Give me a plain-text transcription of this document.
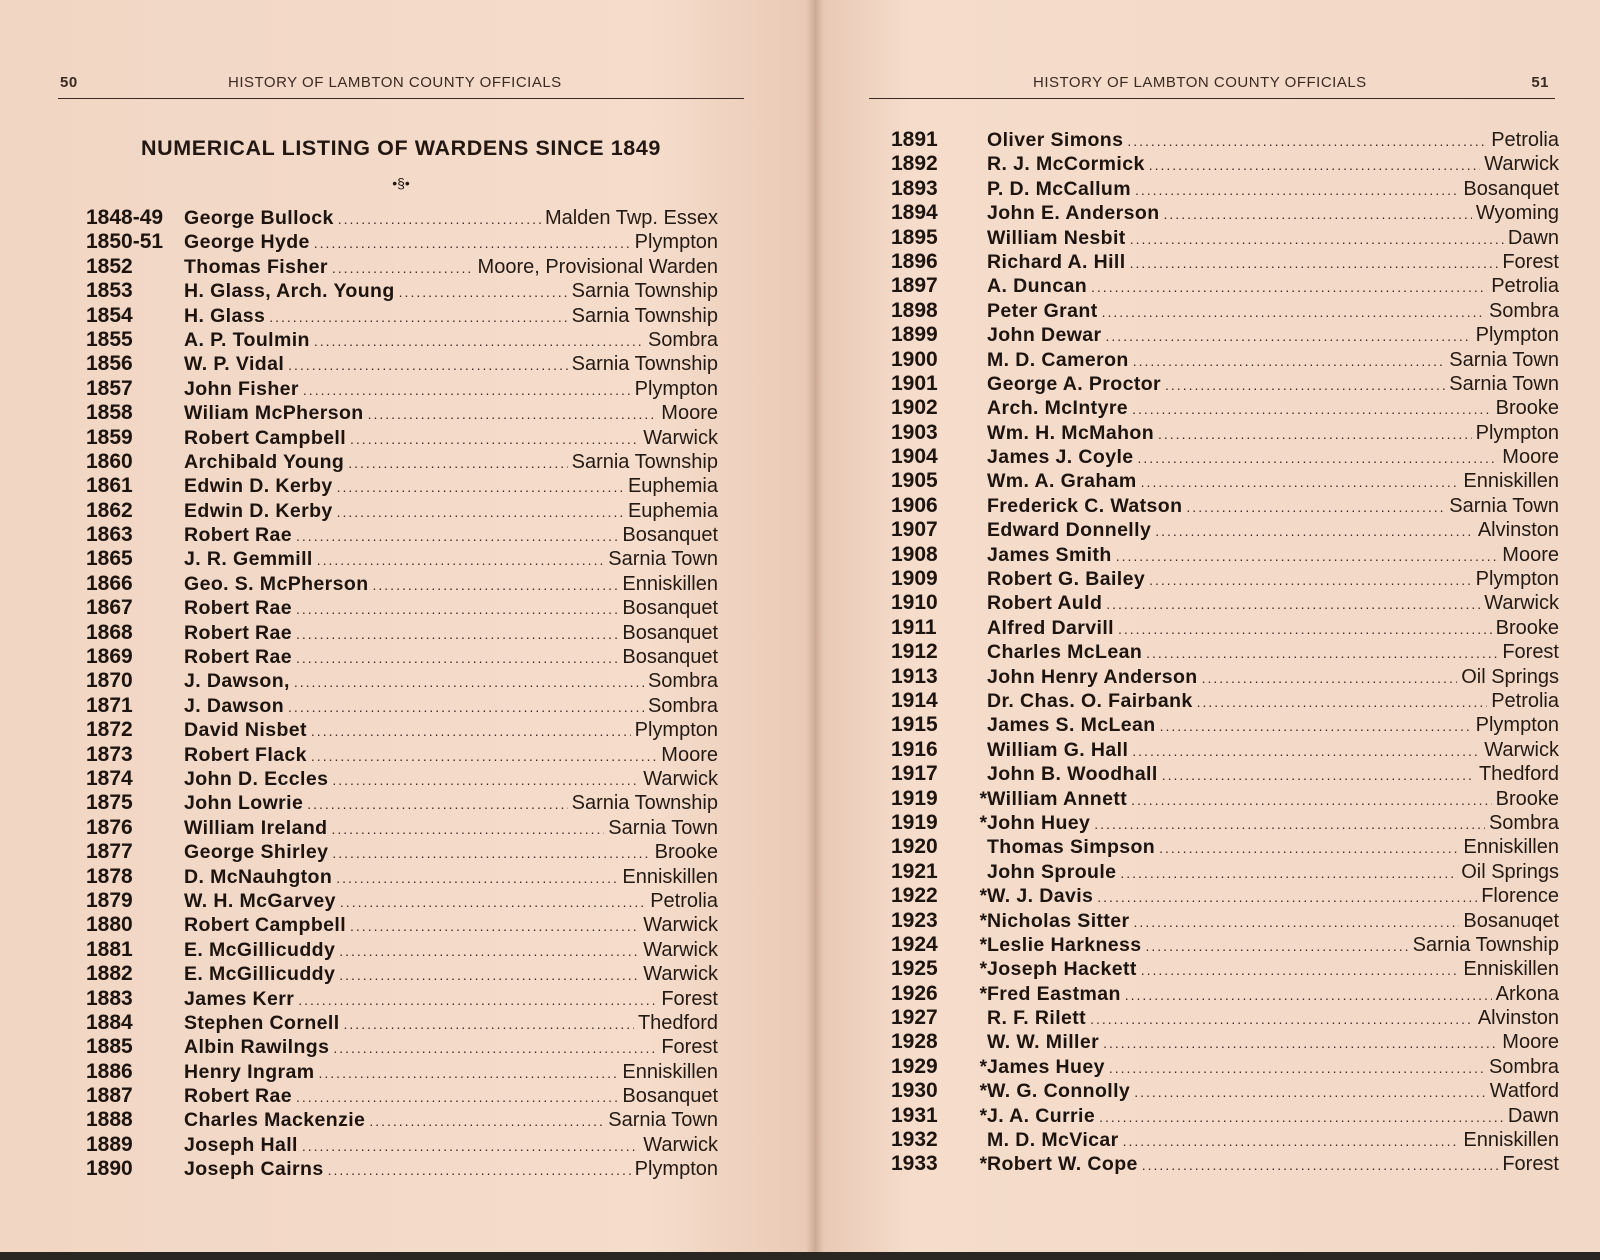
50	HISTORY OF LAMBTON COUNTY OFFICIALS
NUMERICAL LISTING OF WARDENS SINCE 1849
•§•
1848-49	George Bullock .....	Malden Twp. Essex
1850-51	George Hyde .....	Plympton
1852	Thomas Fisher .....	Moore, Provisional Warden
1853	H. Glass, Arch. Young .....	Sarnia Township
1854	H. Glass .....	Sarnia Township
1855	A. P. Toulmin .....	Sombra
1856	W. P. Vidal .....	Sarnia Township
1857	John Fisher .....	Plympton
1858	Wiliam McPherson .....	Moore
1859	Robert Campbell .....	Warwick
1860	Archibald Young .....	Sarnia Township
1861	Edwin D. Kerby .....	Euphemia
1862	Edwin D. Kerby .....	Euphemia
1863	Robert Rae .....	Bosanquet
1865	J. R. Gemmill .....	Sarnia Town
1866	Geo. S. McPherson .....	Enniskillen
1867	Robert Rae .....	Bosanquet
1868	Robert Rae .....	Bosanquet
1869	Robert Rae .....	Bosanquet
1870	J. Dawson, .....	Sombra
1871	J. Dawson .....	Sombra
1872	David Nisbet .....	Plympton
1873	Robert Flack .....	Moore
1874	John D. Eccles .....	Warwick
1875	John Lowrie .....	Sarnia Township
1876	William Ireland .....	Sarnia Town
1877	George Shirley .....	Brooke
1878	D. McNauhgton .....	Enniskillen
1879	W. H. McGarvey .....	Petrolia
1880	Robert Campbell .....	Warwick
1881	E. McGillicuddy .....	Warwick
1882	E. McGillicuddy .....	Warwick
1883	James Kerr .....	Forest
1884	Stephen Cornell .....	Thedford
1885	Albin Rawilngs .....	Forest
1886	Henry Ingram .....	Enniskillen
1887	Robert Rae .....	Bosanquet
1888	Charles Mackenzie .....	Sarnia Town
1889	Joseph Hall .....	Warwick
1890	Joseph Cairns .....	Plympton
HISTORY OF LAMBTON COUNTY OFFICIALS	51
1891	Oliver Simons .....	Petrolia
1892	R. J. McCormick .....	Warwick
1893	P. D. McCallum .....	Bosanquet
1894	John E. Anderson .....	Wyoming
1895	William Nesbit .....	Dawn
1896	Richard A. Hill .....	Forest
1897	A. Duncan .....	Petrolia
1898	Peter Grant .....	Sombra
1899	John Dewar .....	Plympton
1900	M. D. Cameron .....	Sarnia Town
1901	George A. Proctor .....	Sarnia Town
1902	Arch. McIntyre .....	Brooke
1903	Wm. H. McMahon .....	Plympton
1904	James J. Coyle .....	Moore
1905	Wm. A. Graham .....	Enniskillen
1906	Frederick C. Watson .....	Sarnia Town
1907	Edward Donnelly .....	Alvinston
1908	James Smith .....	Moore
1909	Robert G. Bailey .....	Plympton
1910	Robert Auld .....	Warwick
1911	Alfred Darvill .....	Brooke
1912	Charles McLean .....	Forest
1913	John Henry Anderson .....	Oil Springs
1914	Dr. Chas. O. Fairbank .....	Petrolia
1915	James S. McLean .....	Plympton
1916	William G. Hall .....	Warwick
1917	John B. Woodhall .....	Thedford
1919	* William Annett .....	Brooke
1919	* John Huey .....	Sombra
1920	Thomas Simpson .....	Enniskillen
1921	John Sproule .....	Oil Springs
1922	* W. J. Davis .....	Florence
1923	* Nicholas Sitter .....	Bosanuqet
1924	* Leslie Harkness .....	Sarnia Township
1925	* Joseph Hackett .....	Enniskillen
1926	* Fred Eastman .....	Arkona
1927	R. F. Rilett .....	Alvinston
1928	W. W. Miller .....	Moore
1929	* James Huey .....	Sombra
1930	* W. G. Connolly .....	Watford
1931	* J. A. Currie .....	Dawn
1932	M. D. McVicar .....	Enniskillen
1933	* Robert W. Cope .....	Forest
